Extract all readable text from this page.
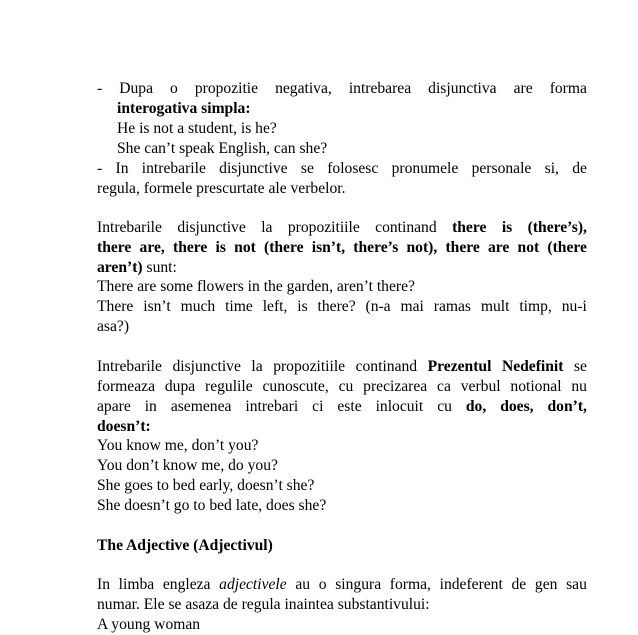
- Dupa o propozitie negativa, intrebarea disjunctiva are forma
interogativa simpla:
He is not a student, is he?
She can’t speak English, can she?
- In intrebarile disjunctive se folosesc pronumele personale si, de
regula, formele prescurtate ale verbelor.
Intrebarile disjunctive la propozitiile continand there is (there’s),
there are, there is not (there isn’t, there’s not), there are not (there
aren’t) sunt:
There are some flowers in the garden, aren’t there?
There isn’t much time left, is there? (n-a mai ramas mult timp, nu-i
asa?)
Intrebarile disjunctive la propozitiile continand Prezentul Nedefinit se
formeaza dupa regulile cunoscute, cu precizarea ca verbul notional nu
apare in asemenea intrebari ci este inlocuit cu do, does, don’t,
doesn’t:
You know me, don’t you?
You don’t know me, do you?
She goes to bed early, doesn’t she?
She doesn’t go to bed late, does she?
The Adjective (Adjectivul)
In limba engleza adjectivele au o singura forma, indeferent de gen sau
numar. Ele se asaza de regula inaintea substantivului:
A young woman
